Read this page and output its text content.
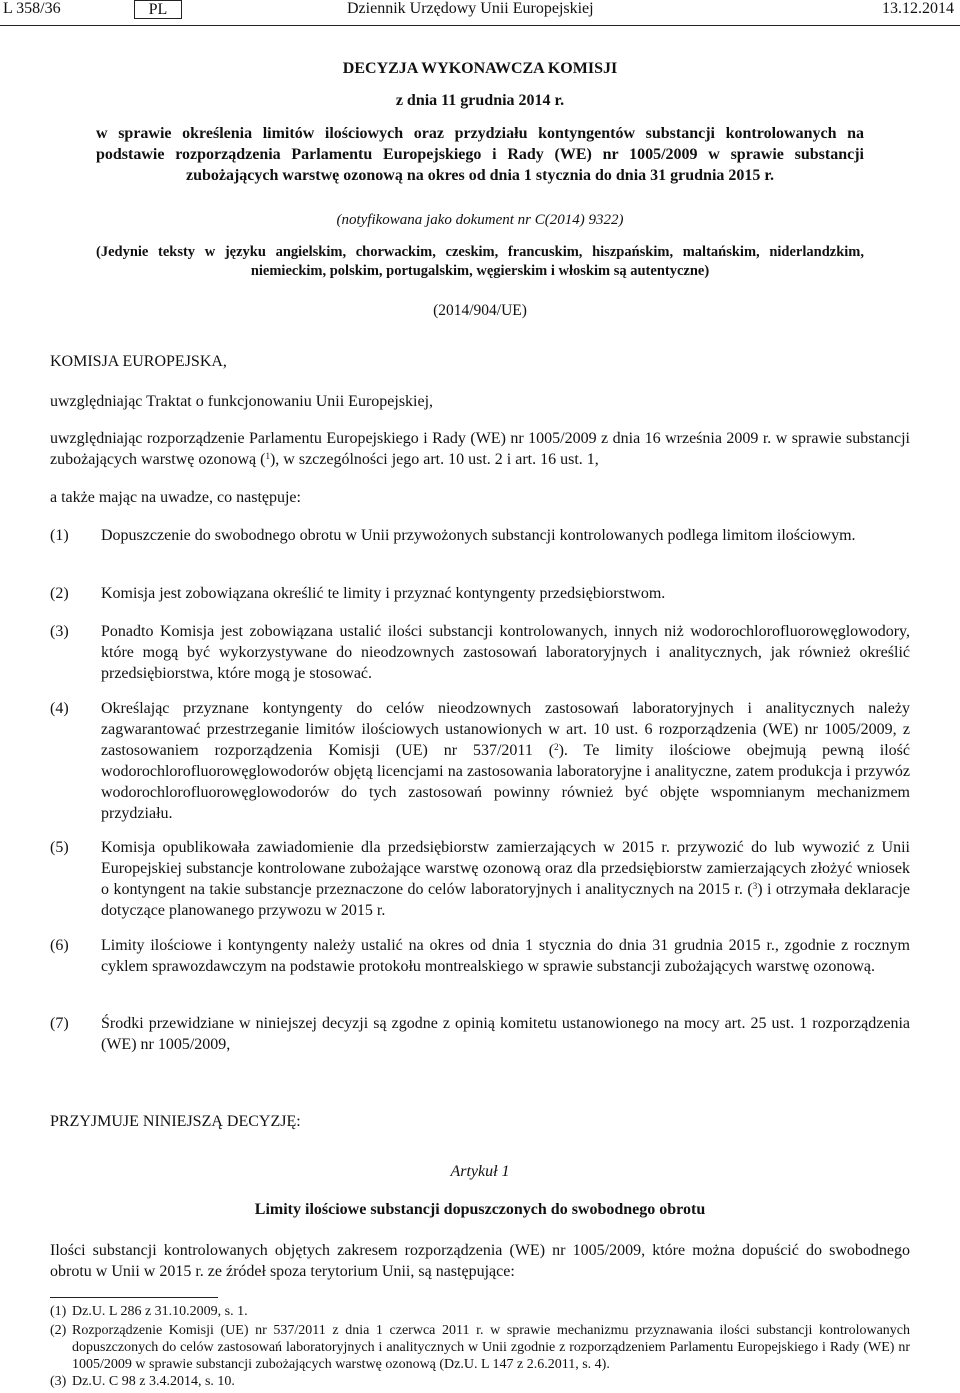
L 358/36	PL	Dziennik Urzędowy Unii Europejskiej	13.12.2014
DECYZJA WYKONAWCZA KOMISJI
z dnia 11 grudnia 2014 r.
w sprawie określenia limitów ilościowych oraz przydziału kontyngentów substancji kontrolowanych na podstawie rozporządzenia Parlamentu Europejskiego i Rady (WE) nr 1005/2009 w sprawie substancji zubożających warstwę ozonową na okres od dnia 1 stycznia do dnia 31 grudnia 2015 r.
(notyfikowana jako dokument nr C(2014) 9322)
(Jedynie teksty w języku angielskim, chorwackim, czeskim, francuskim, hiszpańskim, maltańskim, niderlandzkim, niemieckim, polskim, portugalskim, węgierskim i włoskim są autentyczne)
(2014/904/UE)
KOMISJA EUROPEJSKA,
uwzględniając Traktat o funkcjonowaniu Unii Europejskiej,
uwzględniając rozporządzenie Parlamentu Europejskiego i Rady (WE) nr 1005/2009 z dnia 16 września 2009 r. w sprawie substancji zubożających warstwę ozonową ($^1$), w szczególności jego art. 10 ust. 2 i art. 16 ust. 1,
a także mając na uwadze, co następuje:
(1) Dopuszczenie do swobodnego obrotu w Unii przywożonych substancji kontrolowanych podlega limitom ilościowym.
(2) Komisja jest zobowiązana określić te limity i przyznać kontyngenty przedsiębiorstwom.
(3) Ponadto Komisja jest zobowiązana ustalić ilości substancji kontrolowanych, innych niż wodorochlorofluorowęglowodory, które mogą być wykorzystywane do nieodzownych zastosowań laboratoryjnych i analitycznych, jak również określić przedsiębiorstwa, które mogą je stosować.
(4) Określając przyznane kontyngenty do celów nieodzownych zastosowań laboratoryjnych i analitycznych należy zagwarantować przestrzeganie limitów ilościowych ustanowionych w art. 10 ust. 6 rozporządzenia (WE) nr 1005/2009, z zastosowaniem rozporządzenia Komisji (UE) nr 537/2011 ($^2$). Te limity ilościowe obejmują pewną ilość wodorochlorofluorowęglowodorów objętą licencjami na zastosowania laboratoryjne i analityczne, zatem produkcja i przywóz wodorochlorofluorowęglowodorów do tych zastosowań powinny również być objęte wspomnianym mechanizmem przydziału.
(5) Komisja opublikowała zawiadomienie dla przedsiębiorstw zamierzających w 2015 r. przywozić do lub wywozić z Unii Europejskiej substancje kontrolowane zubożające warstwę ozonową oraz dla przedsiębiorstw zamierzających złożyć wniosek o kontyngent na takie substancje przeznaczone do celów laboratoryjnych i analitycznych na 2015 r. ($^3$) i otrzymała deklaracje dotyczące planowanego przywozu w 2015 r.
(6) Limity ilościowe i kontyngenty należy ustalić na okres od dnia 1 stycznia do dnia 31 grudnia 2015 r., zgodnie z rocznym cyklem sprawozdawczym na podstawie protokołu montrealskiego w sprawie substancji zubożających warstwę ozonową.
(7) Środki przewidziane w niniejszej decyzji są zgodne z opinią komitetu ustanowionego na mocy art. 25 ust. 1 rozporządzenia (WE) nr 1005/2009,
PRZYJMUJE NINIEJSZĄ DECYZJĘ:
Artykuł 1
Limity ilościowe substancji dopuszczonych do swobodnego obrotu
Ilości substancji kontrolowanych objętych zakresem rozporządzenia (WE) nr 1005/2009, które można dopuścić do swobodnego obrotu w Unii w 2015 r. ze źródeł spoza terytorium Unii, są następujące:
(1) Dz.U. L 286 z 31.10.2009, s. 1.
(2) Rozporządzenie Komisji (UE) nr 537/2011 z dnia 1 czerwca 2011 r. w sprawie mechanizmu przyznawania ilości substancji kontrolowanych dopuszczonych do celów zastosowań laboratoryjnych i analitycznych w Unii zgodnie z rozporządzeniem Parlamentu Europejskiego i Rady (WE) nr 1005/2009 w sprawie substancji zubożających warstwę ozonową (Dz.U. L 147 z 2.6.2011, s. 4).
(3) Dz.U. C 98 z 3.4.2014, s. 10.
